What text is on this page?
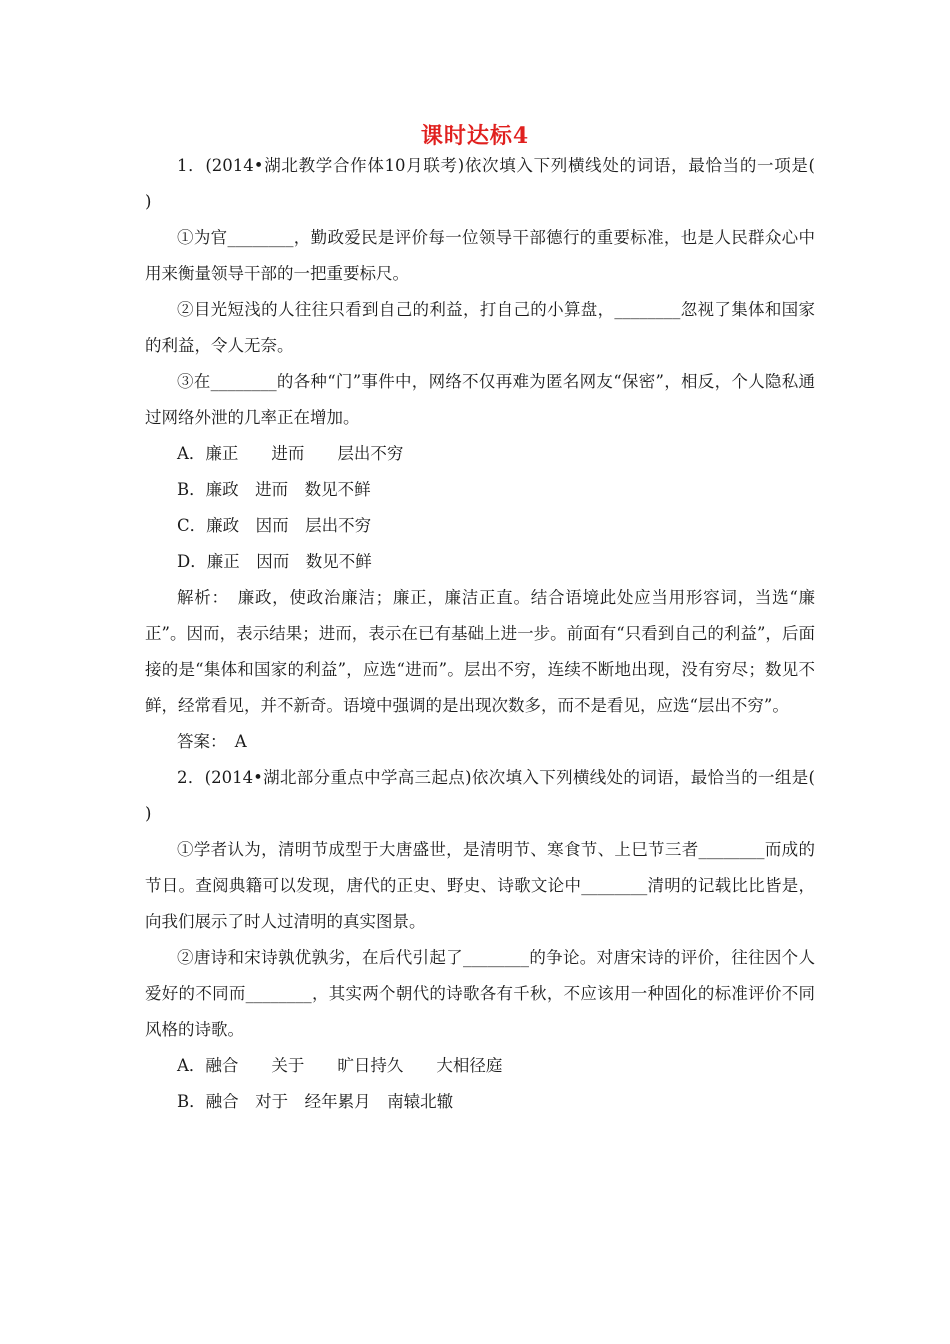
课时达标4

1．(2014•湖北教学合作体10月联考)依次填入下列横线处的词语，最恰当的一项是(　　)

①为官________，勤政爱民是评价每一位领导干部德行的重要标准，也是人民群众心中用来衡量领导干部的一把重要标尺。

②目光短浅的人往往只看到自己的利益，打自己的小算盘，________忽视了集体和国家的利益，令人无奈。

③在________的各种“门”事件中，网络不仅再难为匿名网友“保密”，相反，个人隐私通过网络外泄的几率正在增加。

A．廉正　　进而　　层出不穷
B．廉政　进而　数见不鲜
C．廉政　因而　层出不穷
D．廉正　因而　数见不鲜

解析：　廉政，使政治廉洁；廉正，廉洁正直。结合语境此处应当用形容词，当选“廉正”。因而，表示结果；进而，表示在已有基础上进一步。前面有“只看到自己的利益”，后面接的是“集体和国家的利益”，应选“进而”。层出不穷，连续不断地出现，没有穷尽；数见不鲜，经常看见，并不新奇。语境中强调的是出现次数多，而不是看见，应选“层出不穷”。

答案：　A

2．(2014•湖北部分重点中学高三起点)依次填入下列横线处的词语，最恰当的一组是(　　)

①学者认为，清明节成型于大唐盛世，是清明节、寒食节、上巳节三者________而成的节日。查阅典籍可以发现，唐代的正史、野史、诗歌文论中________清明的记载比比皆是，向我们展示了时人过清明的真实图景。

②唐诗和宋诗孰优孰劣，在后代引起了________的争论。对唐宋诗的评价，往往因个人爱好的不同而________，其实两个朝代的诗歌各有千秋，不应该用一种固化的标准评价不同风格的诗歌。

A．融合　　关于　　旷日持久　　大相径庭
B．融合　对于　经年累月　南辕北辙
